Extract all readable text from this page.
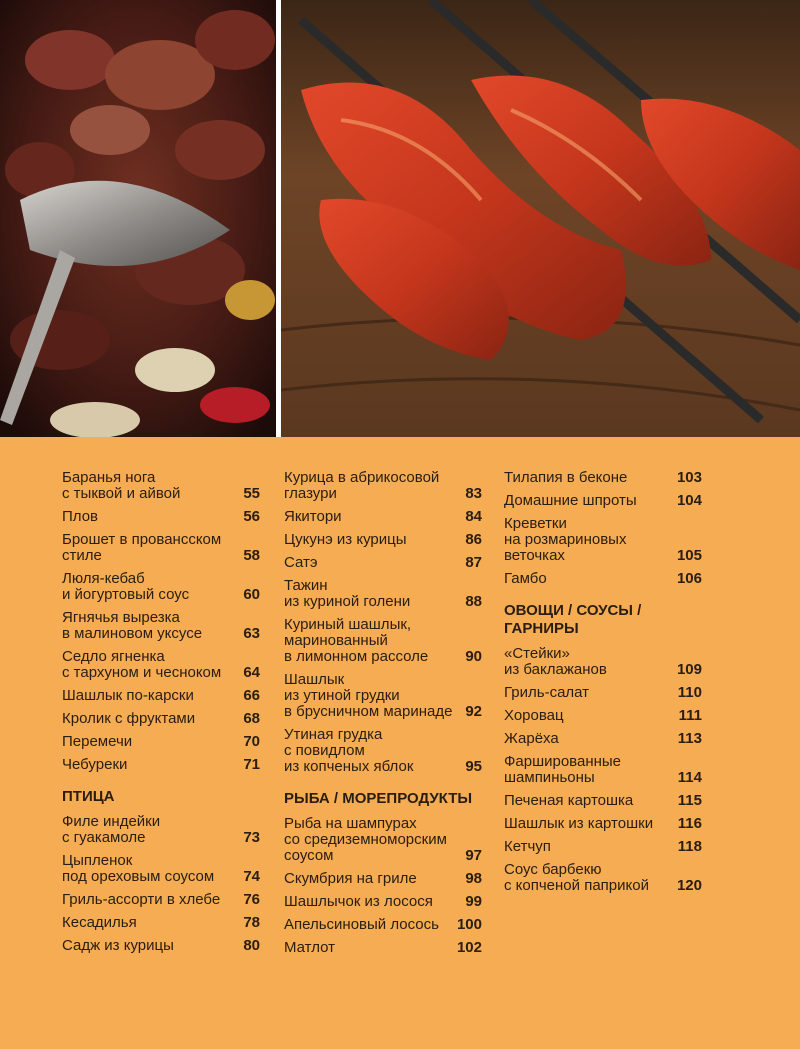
Баранья нога
с тыквой и айвой	55
Плов	56
Брошет в провансском
стиле	58
Люля-кебаб
и йогуртовый соус	60
Ягнячья вырезка
в малиновом уксусе	63
Седло ягненка
с тархуном и чесноком	64
Шашлык по-карски	66
Кролик с фруктами	68
Перемечи	70
Чебуреки	71
ПТИЦА
Филе индейки
с гуакамоле	73
Цыпленок
под ореховым соусом	74
Гриль-ассорти в хлебе	76
Кесадилья	78
Садж из курицы	80
Курица в абрикосовой
глазури	83
Якитори	84
Цукунэ из курицы	86
Сатэ	87
Тажин
из куриной голени	88
Куриный шашлык,
маринованный
в лимонном рассоле	90
Шашлык
из утиной грудки
в брусничном маринаде 92
Утиная грудка
с повидлом
из копченых яблок	95
РЫБА / МОРЕПРОДУКТЫ
Рыба на шампурах
со средиземноморским
соусом	97
Скумбрия на гриле	98
Шашлычок из лосося	99
Апельсиновый лосось 100
Матлот	102
Тилапия в беконе	103
Домашние шпроты	104
Креветки
на розмариновых
веточках	105
Гамбо	106
ОВОЩИ / СОУСЫ /
ГАРНИРЫ
«Стейки»
из баклажанов	109
Гриль-салат	110
Хоровац	111
Жарёха	113
Фаршированные
шампиньоны	114
Печеная картошка	115
Шашлык из картошки 116
Кетчуп	118
Соус барбекю
с копченой паприкой 120
